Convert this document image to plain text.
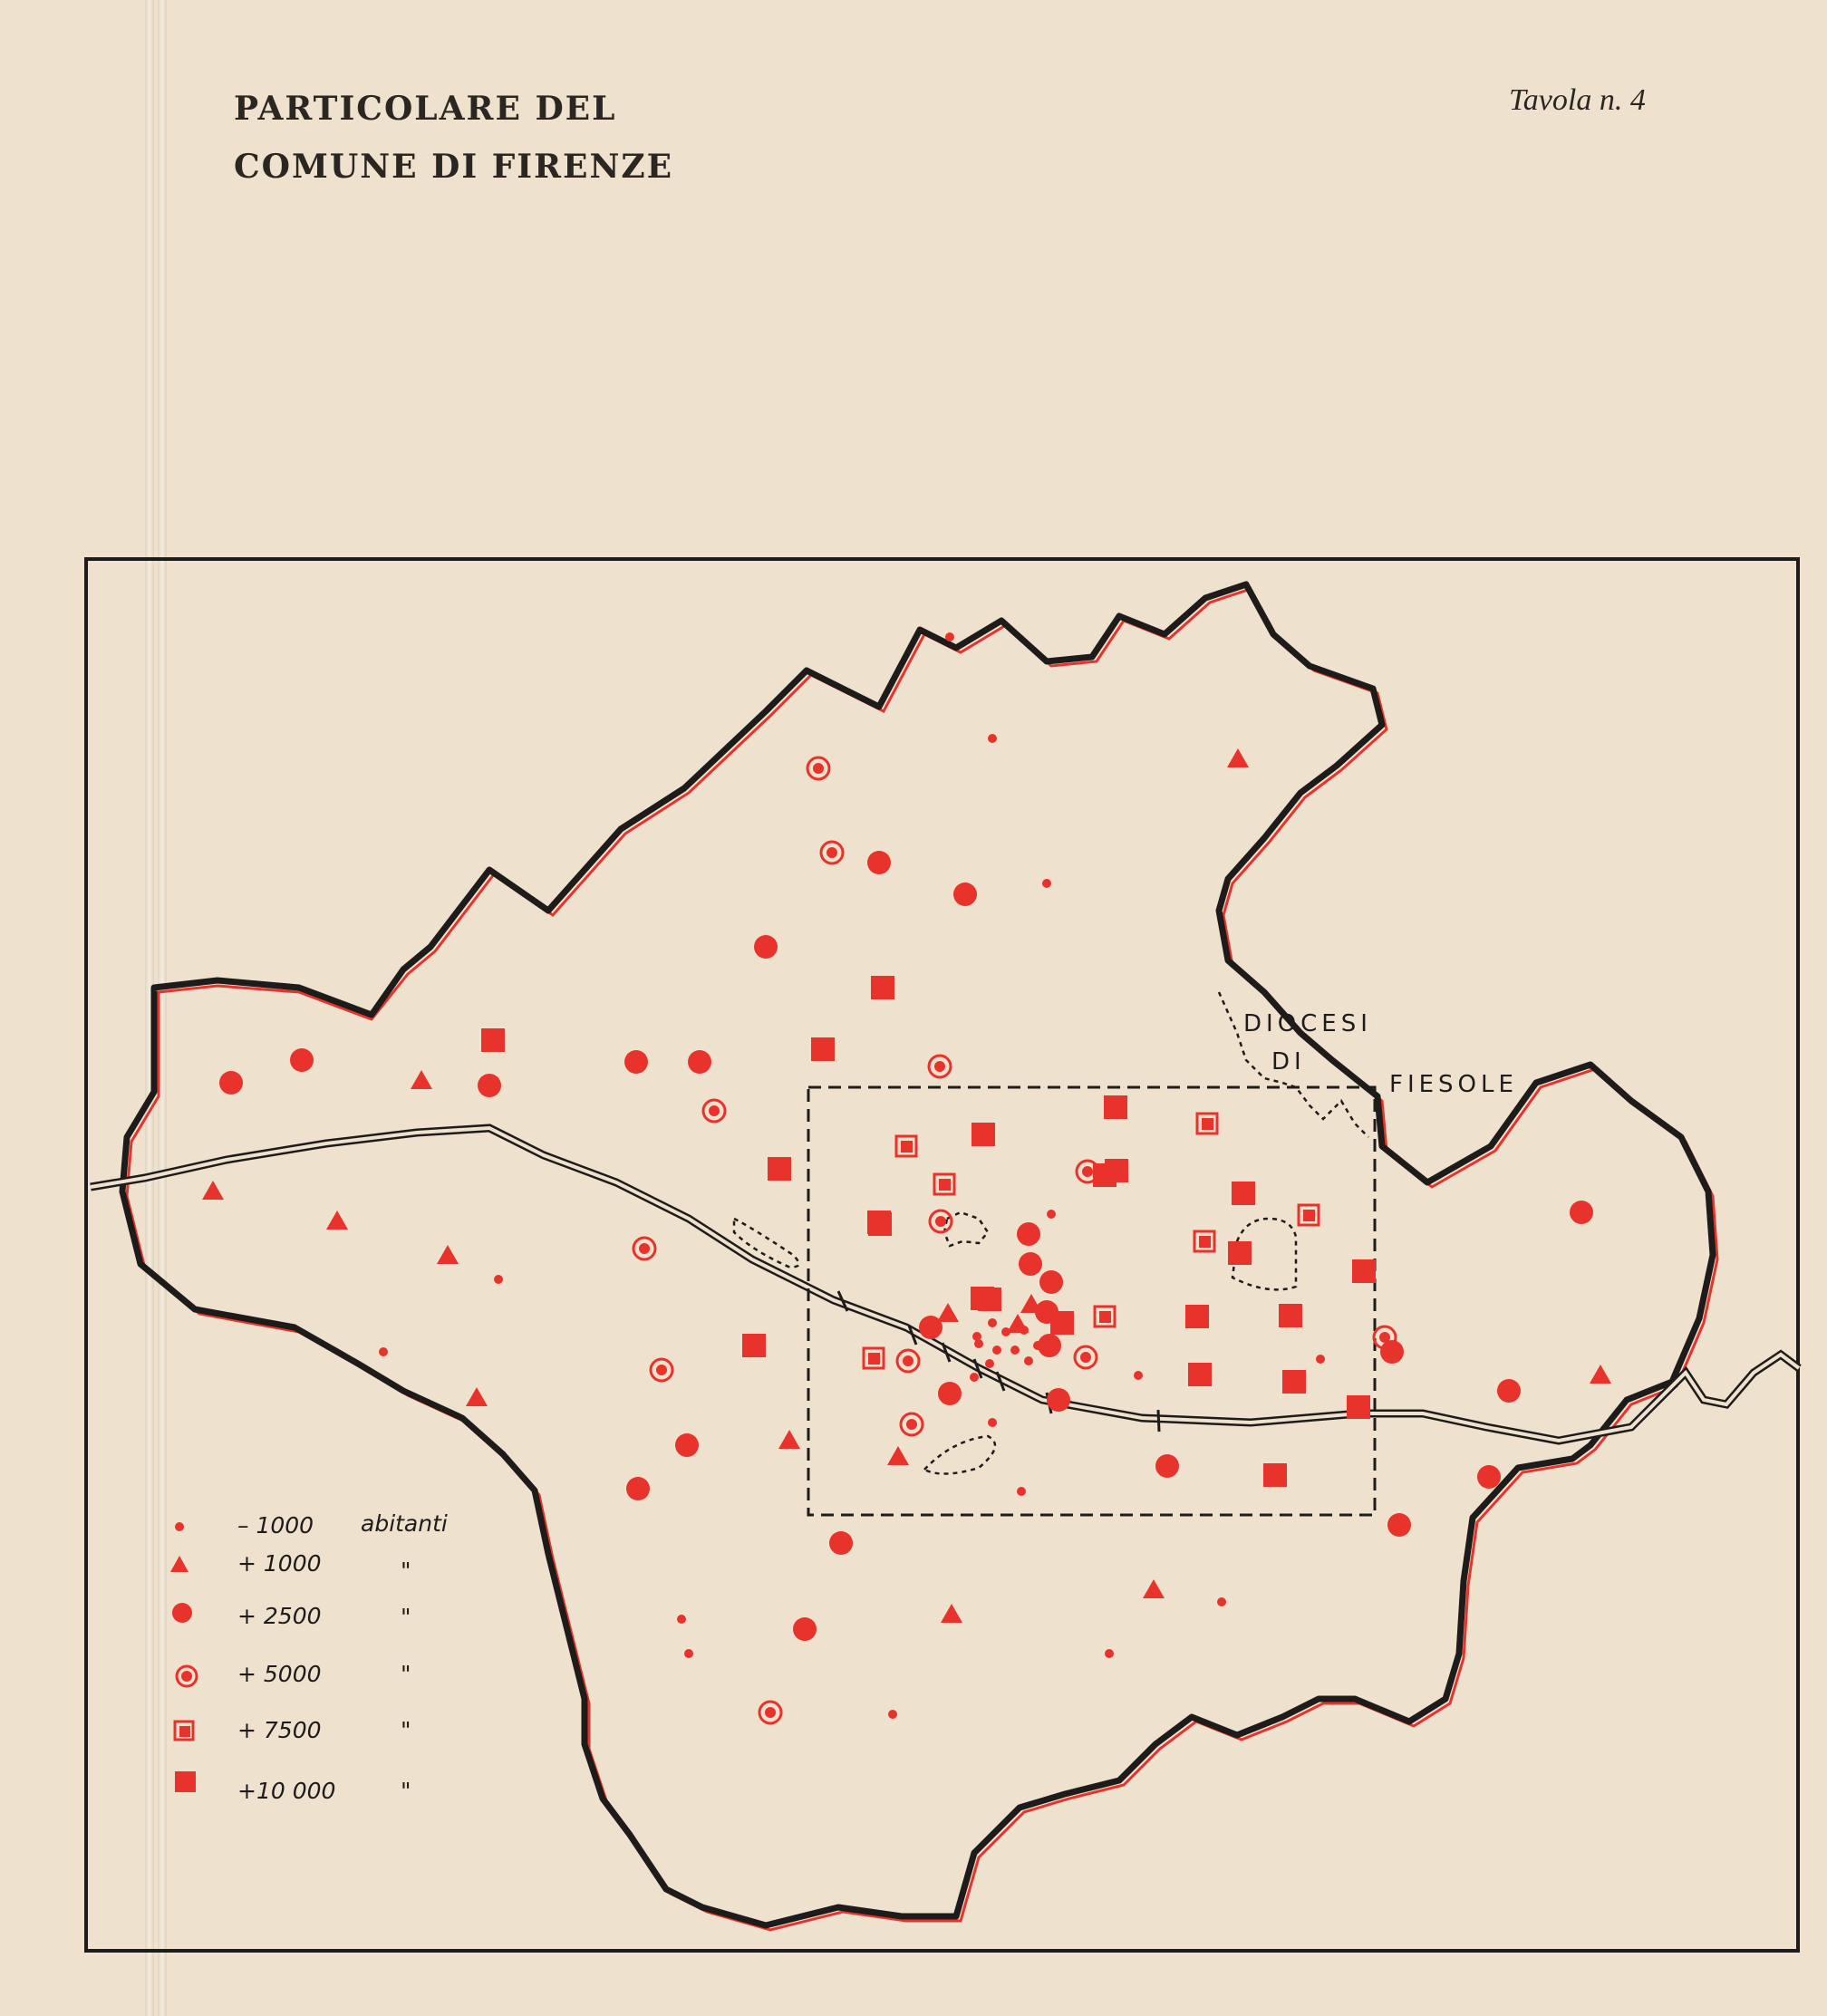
PARTICOLARE DEL
COMUNE DI FIRENZE
Tavola n. 4
DIOCESI
DI
FIESOLE
– 1000 abitanti
+ 1000	"
+ 2500	"
+ 5000	"
+ 7500	"
+10 000	"
